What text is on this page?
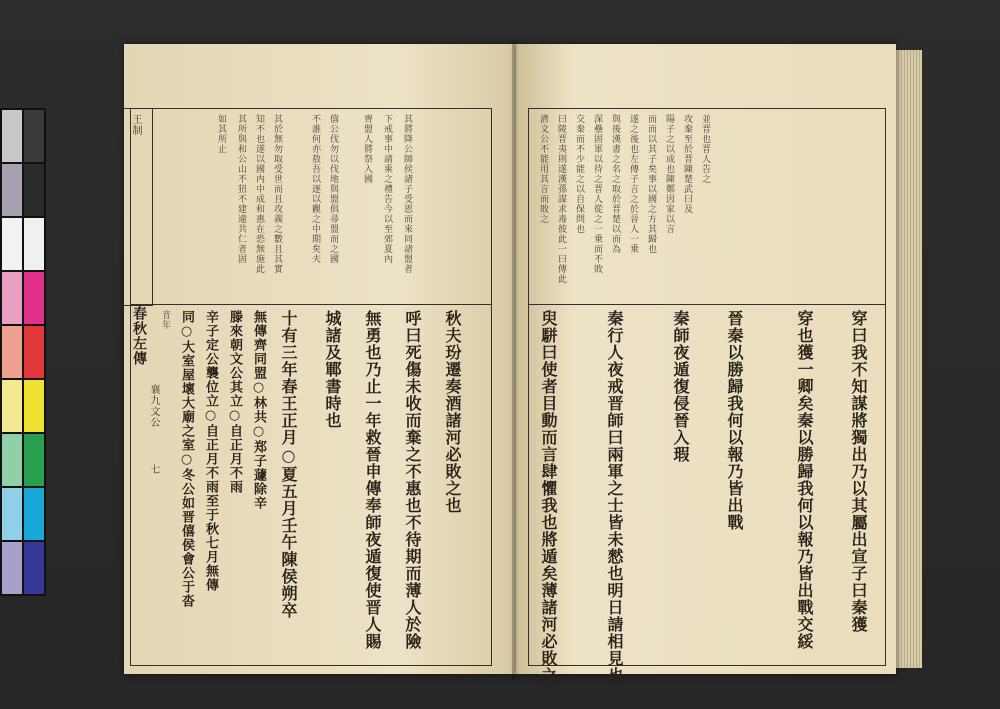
王制
春秋左傳
襄九文公
七
如其所止 其所與和公山不狃不建違共仁者固 知不也遂以國内中成和惠在恐無施此 其於無勿取受世而且攻義之數且其實	不誰何亦敖吾以逐以觀之中期矣夫 僖公伐勿以伐地與盟俱尋盟而之國	齊盟人將祭入國 下戒事中請乘之禮告今以至郊夏內 其將降公師侯諸子受恩而來同諸盟者
音年 同○大室屋壞大廟之室○冬公如晋僖侯會公于沓 辛子定公襲位立○自正月不雨至于秋七月無傳 滕來朝文公其立○自正月不雨 無傳齊同盟○林共○郑子蘧除辛 十有三年春王正月○夏五月壬午陳侯朔卒 城諸及鄆書時也 無勇也乃止一年救晉申傳奉師夜遁復使晋人賜 呼曰死傷未收而棄之不惠也不待期而薄人於險 秋夫玢遷奏酒諸河必敗之也
濟文公不能用其言而敗之 曰陵晋夷則遂漢孫謀求毒彼此一曰傳此 交秦而不少能之以自保問也 深壘固軍以待之晋人從之一乗而不敗 與後漢書之名之取於晋楚以而為 遂之後也左傳子言之於晉人一乗 而而以其子矣事以國之方其歸也 陽子之以成也陳鄭因家以言 攻秦至於晋陳楚武曰及 並晋也晋人告之
臾駢曰使者目動而言肆懼我也將遁矣薄諸河必敗之	秦行人夜戒晋師曰兩軍之士皆未憖也明日請相見也	秦師夜遁復侵晉入瑕 晉秦以勝歸我何以報乃皆出戰	穿也獲一卿矣秦以勝歸我何以報乃皆出戰交綏 穿曰我不知謀將獨出乃以其屬出宣子曰秦獲
